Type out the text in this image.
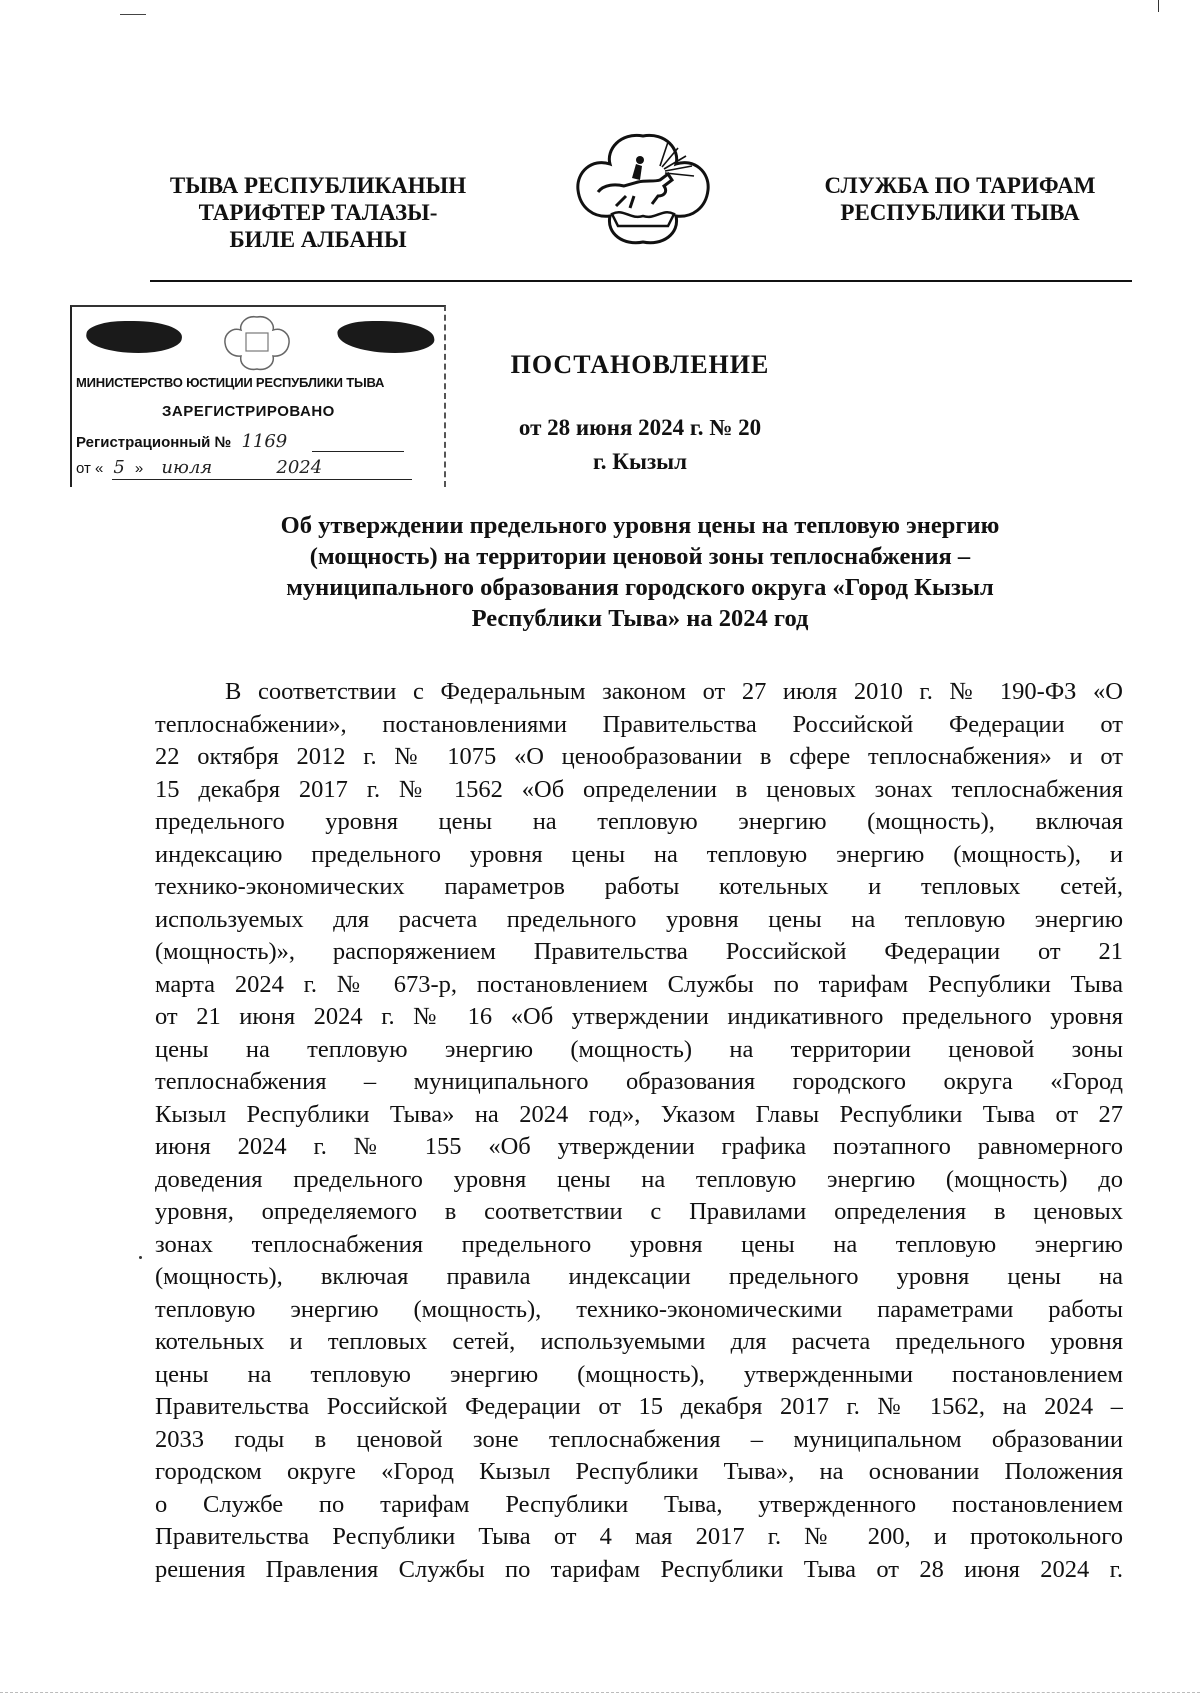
ТЫВА РЕСПУБЛИКАНЫН
ТАРИФТЕР ТАЛАЗЫ-
БИЛЕ АЛБАНЫ
СЛУЖБА ПО ТАРИФАМ
РЕСПУБЛИКИ ТЫВА
МИНИСТЕРСТВО ЮСТИЦИИ РЕСПУБЛИКИ ТЫВА
ЗАРЕГИСТРИРОВАНО
Регистрационный № 1169
от « 5 » июля	2024
ПОСТАНОВЛЕНИЕ
от 28 июня 2024 г. № 20
г. Кызыл
Об утверждении предельного уровня цены на тепловую энергию
(мощность) на территории ценовой зоны теплоснабжения –
муниципального образования городского округа «Город Кызыл
Республики Тыва» на 2024 год
В соответствии с Федеральным законом от 27 июля 2010 г. № 190-ФЗ «О
теплоснабжении», постановлениями Правительства Российской Федерации от
22 октября 2012 г. № 1075 «О ценообразовании в сфере теплоснабжения» и от
15 декабря 2017 г. № 1562 «Об определении в ценовых зонах теплоснабжения
предельного уровня цены на тепловую энергию (мощность), включая
индексацию предельного уровня цены на тепловую энергию (мощность), и
технико-экономических параметров работы котельных и тепловых сетей,
используемых для расчета предельного уровня цены на тепловую энергию
(мощность)», распоряжением Правительства Российской Федерации от 21
марта 2024 г. № 673-р, постановлением Службы по тарифам Республики Тыва
от 21 июня 2024 г. № 16 «Об утверждении индикативного предельного уровня
цены на тепловую энергию (мощность) на территории ценовой зоны
теплоснабжения – муниципального образования городского округа «Город
Кызыл Республики Тыва» на 2024 год», Указом Главы Республики Тыва от 27
июня 2024 г. № 155 «Об утверждении графика поэтапного равномерного
доведения предельного уровня цены на тепловую энергию (мощность) до
уровня, определяемого в соответствии с Правилами определения в ценовых
зонах теплоснабжения предельного уровня цены на тепловую энергию
(мощность), включая правила индексации предельного уровня цены на
тепловую энергию (мощность), технико-экономическими параметрами работы
котельных и тепловых сетей, используемыми для расчета предельного уровня
цены на тепловую энергию (мощность), утвержденными постановлением
Правительства Российской Федерации от 15 декабря 2017 г. № 1562, на 2024 –
2033 годы в ценовой зоне теплоснабжения – муниципальном образовании
городском округе «Город Кызыл Республики Тыва», на основании Положения
о Службе по тарифам Республики Тыва, утвержденного постановлением
Правительства Республики Тыва от 4 мая 2017 г. № 200, и протокольного
решения Правления Службы по тарифам Республики Тыва от 28 июня 2024 г.
